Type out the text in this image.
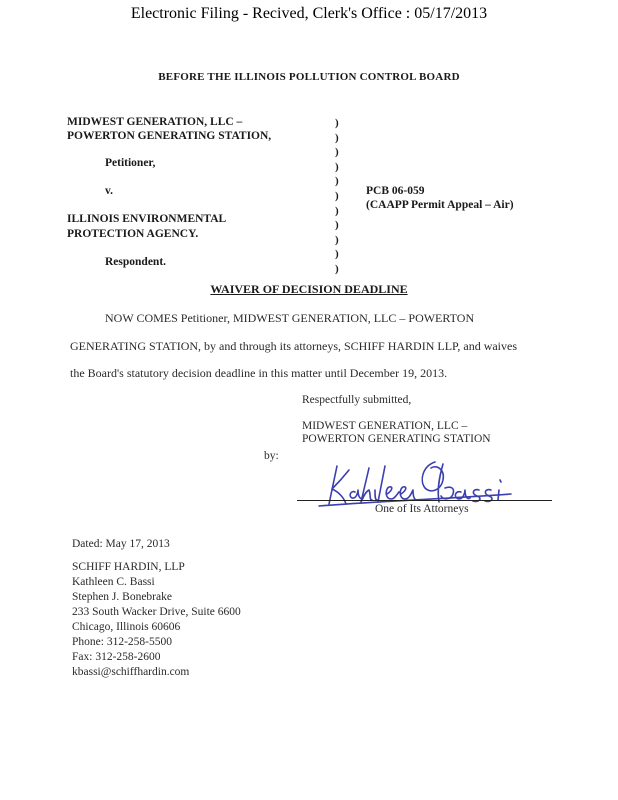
Electronic Filing - Recived, Clerk's Office : 05/17/2013
BEFORE THE ILLINOIS POLLUTION CONTROL BOARD
MIDWEST GENERATION, LLC –
POWERTON GENERATING STATION,
Petitioner,
v.
ILLINOIS ENVIRONMENTAL
PROTECTION AGENCY.
Respondent.
)
)
)
)
)
)
)
)
)
)
)
PCB 06-059
(CAAPP Permit Appeal – Air)
WAIVER OF DECISION DEADLINE
NOW COMES Petitioner, MIDWEST GENERATION, LLC – POWERTON
GENERATING STATION, by and through its attorneys, SCHIFF HARDIN LLP, and waives
the Board's statutory decision deadline in this matter until December 19, 2013.
Respectfully submitted,
MIDWEST GENERATION, LLC –
POWERTON GENERATING STATION
by:
One of Its Attorneys
Dated: May 17, 2013
SCHIFF HARDIN, LLP
Kathleen C. Bassi
Stephen J. Bonebrake
233 South Wacker Drive, Suite 6600
Chicago, Illinois 60606
Phone: 312-258-5500
Fax: 312-258-2600
kbassi@schiffhardin.com
